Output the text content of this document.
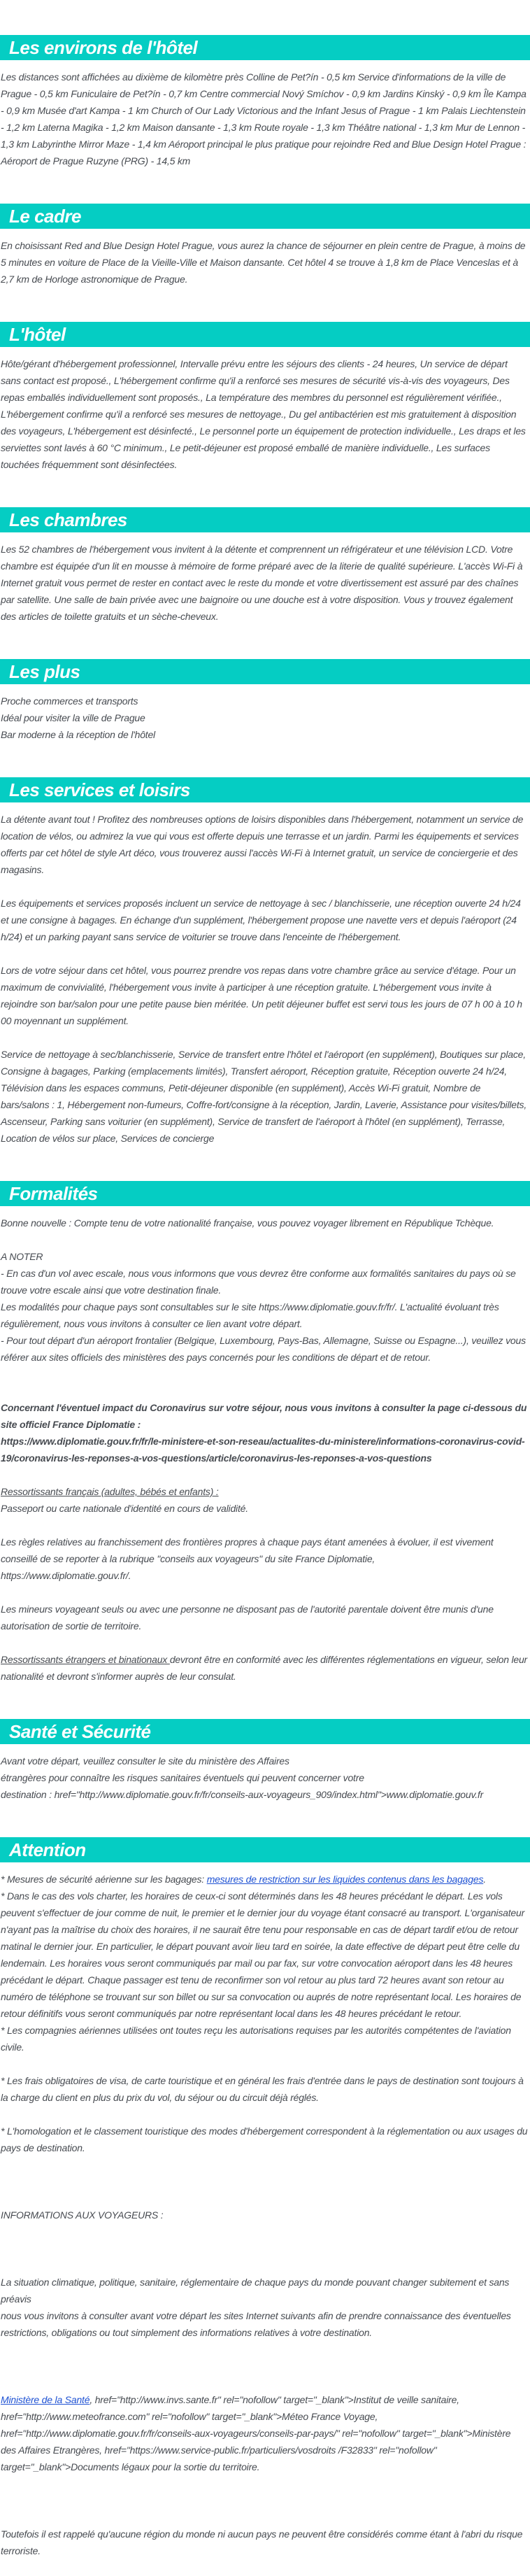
Les environs de l'hôtel

Les distances sont affichées au dixième de kilomètre près Colline de Pet?ín - 0,5 km Service d'informations de la ville de Prague - 0,5 km Funiculaire de Pet?ín - 0,7 km Centre commercial Nový Smíchov - 0,9 km Jardins Kinský - 0,9 km Île Kampa - 0,9 km Musée d'art Kampa - 1 km Church of Our Lady Victorious and the Infant Jesus of Prague - 1 km Palais Liechtenstein - 1,2 km Laterna Magika - 1,2 km Maison dansante - 1,3 km Route royale - 1,3 km Théâtre national - 1,3 km Mur de Lennon - 1,3 km Labyrinthe Mirror Maze - 1,4 km Aéroport principal le plus pratique pour rejoindre Red and Blue Design Hotel Prague : Aéroport de Prague Ruzyne (PRG) - 14,5 km

Le cadre

En choisissant Red and Blue Design Hotel Prague, vous aurez la chance de séjourner en plein centre de Prague, à moins de 5 minutes en voiture de Place de la Vieille-Ville et Maison dansante. Cet hôtel 4 se trouve à 1,8 km de Place Venceslas et à 2,7 km de Horloge astronomique de Prague.

L'hôtel

Hôte/gérant d'hébergement professionnel, Intervalle prévu entre les séjours des clients - 24 heures, Un service de départ sans contact est proposé., L'hébergement confirme qu'il a renforcé ses mesures de sécurité vis-à-vis des voyageurs, Des repas emballés individuellement sont proposés., La température des membres du personnel est régulièrement vérifiée., L'hébergement confirme qu'il a renforcé ses mesures de nettoyage., Du gel antibactérien est mis gratuitement à disposition des voyageurs, L'hébergement est désinfecté., Le personnel porte un équipement de protection individuelle., Les draps et les serviettes sont lavés à 60 °C minimum., Le petit-déjeuner est proposé emballé de manière individuelle., Les surfaces touchées fréquemment sont désinfectées.

Les chambres

Les 52 chambres de l'hébergement vous invitent à la détente et comprennent un réfrigérateur et une télévision LCD. Votre chambre est équipée d'un lit en mousse à mémoire de forme préparé avec de la literie de qualité supérieure. L'accès Wi-Fi à Internet gratuit vous permet de rester en contact avec le reste du monde et votre divertissement est assuré par des chaînes par satellite. Une salle de bain privée avec une baignoire ou une douche est à votre disposition. Vous y trouvez également des articles de toilette gratuits et un sèche-cheveux.

Les plus

Proche commerces et transports
Idéal pour visiter la ville de Prague
Bar moderne à la réception de l'hôtel

Les services et loisirs

La détente avant tout ! Profitez des nombreuses options de loisirs disponibles dans l'hébergement, notamment un service de location de vélos, ou admirez la vue qui vous est offerte depuis une terrasse et un jardin. Parmi les équipements et services offerts par cet hôtel de style Art déco, vous trouverez aussi l'accès Wi-Fi à Internet gratuit, un service de conciergerie et des magasins.

Les équipements et services proposés incluent un service de nettoyage à sec / blanchisserie, une réception ouverte 24 h/24 et une consigne à bagages. En échange d'un supplément, l'hébergement propose une navette vers et depuis l'aéroport (24 h/24) et un parking payant sans service de voiturier se trouve dans l'enceinte de l'hébergement.

Lors de votre séjour dans cet hôtel, vous pourrez prendre vos repas dans votre chambre grâce au service d'étage. Pour un maximum de convivialité, l'hébergement vous invite à participer à une réception gratuite. L'hébergement vous invite à rejoindre son bar/salon pour une petite pause bien méritée. Un petit déjeuner buffet est servi tous les jours de 07 h 00 à 10 h 00 moyennant un supplément.

Service de nettoyage à sec/blanchisserie, Service de transfert entre l'hôtel et l'aéroport (en supplément), Boutiques sur place, Consigne à bagages, Parking (emplacements limités), Transfert aéroport, Réception gratuite, Réception ouverte 24 h/24, Télévision dans les espaces communs, Petit-déjeuner disponible (en supplément), Accès Wi-Fi gratuit, Nombre de bars/salons : 1, Hébergement non-fumeurs, Coffre-fort/consigne à la réception, Jardin, Laverie, Assistance pour visites/billets, Ascenseur, Parking sans voiturier (en supplément), Service de transfert de l'aéroport à l'hôtel (en supplément), Terrasse, Location de vélos sur place, Services de concierge

Formalités

Bonne nouvelle : Compte tenu de votre nationalité française, vous pouvez voyager librement en République Tchèque.

A NOTER
- En cas d'un vol avec escale, nous vous informons que vous devrez être conforme aux formalités sanitaires du pays où se trouve votre escale ainsi que votre destination finale.
Les modalités pour chaque pays sont consultables sur le site https://www.diplomatie.gouv.fr/fr/. L'actualité évoluant très régulièrement, nous vous invitons à consulter ce lien avant votre départ.
- Pour tout départ d'un aéroport frontalier (Belgique, Luxembourg, Pays-Bas, Allemagne, Suisse ou Espagne...), veuillez vous référer aux sites officiels des ministères des pays concernés pour les conditions de départ et de retour.

Concernant l'éventuel impact du Coronavirus sur votre séjour, nous vous invitons à consulter la page ci-dessous du site officiel France Diplomatie :
https://www.diplomatie.gouv.fr/fr/le-ministere-et-son-reseau/actualites-du-ministere/informations-coronavirus-covid-19/coronavirus-les-reponses-a-vos-questions/article/coronavirus-les-reponses-a-vos-questions

Ressortissants français (adultes, bébés et enfants) :
Passeport ou carte nationale d'identité en cours de validité.

Les règles relatives au franchissement des frontières propres à chaque pays étant amenées à évoluer, il est vivement conseillé de se reporter à la rubrique "conseils aux voyageurs" du site France Diplomatie,
https://www.diplomatie.gouv.fr/.

Les mineurs voyageant seuls ou avec une personne ne disposant pas de l'autorité parentale doivent être munis d'une autorisation de sortie de territoire.

Ressortissants étrangers et binationaux devront être en conformité avec les différentes réglementations en vigueur, selon leur nationalité et devront s'informer auprès de leur consulat.

Santé et Sécurité

Avant votre départ, veuillez consulter le site du ministère des Affaires
étrangères pour connaître les risques sanitaires éventuels qui peuvent concerner votre
destination : href="http://www.diplomatie.gouv.fr/fr/conseils-aux-voyageurs_909/index.html">www.diplomatie.gouv.fr

Attention

* Mesures de sécurité aérienne sur les bagages: mesures de restriction sur les liquides contenus dans les bagages.
* Dans le cas des vols charter, les horaires de ceux-ci sont déterminés dans les 48 heures précédant le départ. Les vols peuvent s'effectuer de jour comme de nuit, le premier et le dernier jour du voyage étant consacré au transport. L'organisateur n'ayant pas la maîtrise du choix des horaires, il ne saurait être tenu pour responsable en cas de départ tardif et/ou de retour matinal le dernier jour. En particulier, le départ pouvant avoir lieu tard en soirée, la date effective de départ peut être celle du lendemain. Les horaires vous seront communiqués par mail ou par fax, sur votre convocation aéroport dans les 48 heures précédant le départ. Chaque passager est tenu de reconfirmer son vol retour au plus tard 72 heures avant son retour au numéro de téléphone se trouvant sur son billet ou sur sa convocation ou auprés de notre représentant local. Les horaires de retour définitifs vous seront communiqués par notre représentant local dans les 48 heures précédant le retour.
* Les compagnies aériennes utilisées ont toutes reçu les autorisations requises par les autorités compétentes de l'aviation civile.

* Les frais obligatoires de visa, de carte touristique et en général les frais d'entrée dans le pays de destination sont toujours à la charge du client en plus du prix du vol, du séjour ou du circuit déjà réglés.

* L'homologation et le classement touristique des modes d'hébergement correspondent à la réglementation ou aux usages du pays de destination.

INFORMATIONS AUX VOYAGEURS :

La situation climatique, politique, sanitaire, réglementaire de chaque pays du monde pouvant changer subitement et sans préavis
nous vous invitons à consulter avant votre départ les sites Internet suivants afin de prendre connaissance des éventuelles restrictions, obligations ou tout simplement des informations relatives à votre destination.

Ministère de la Santé, href="http://www.invs.sante.fr" rel="nofollow" target="_blank">Institut de veille sanitaire, href="http://www.meteofrance.com" rel="nofollow" target="_blank">Méteo France Voyage, href="http://www.diplomatie.gouv.fr/fr/conseils-aux-voyageurs/conseils-par-pays/" rel="nofollow" target="_blank">Ministère des Affaires Etrangères, href="https://www.service-public.fr/particuliers/vosdroits /F32833" rel="nofollow" target="_blank">Documents légaux pour la sortie du territoire.

Toutefois il est rappelé qu'aucune région du monde ni aucun pays ne peuvent être considérés comme étant à l'abri du risque terroriste.
